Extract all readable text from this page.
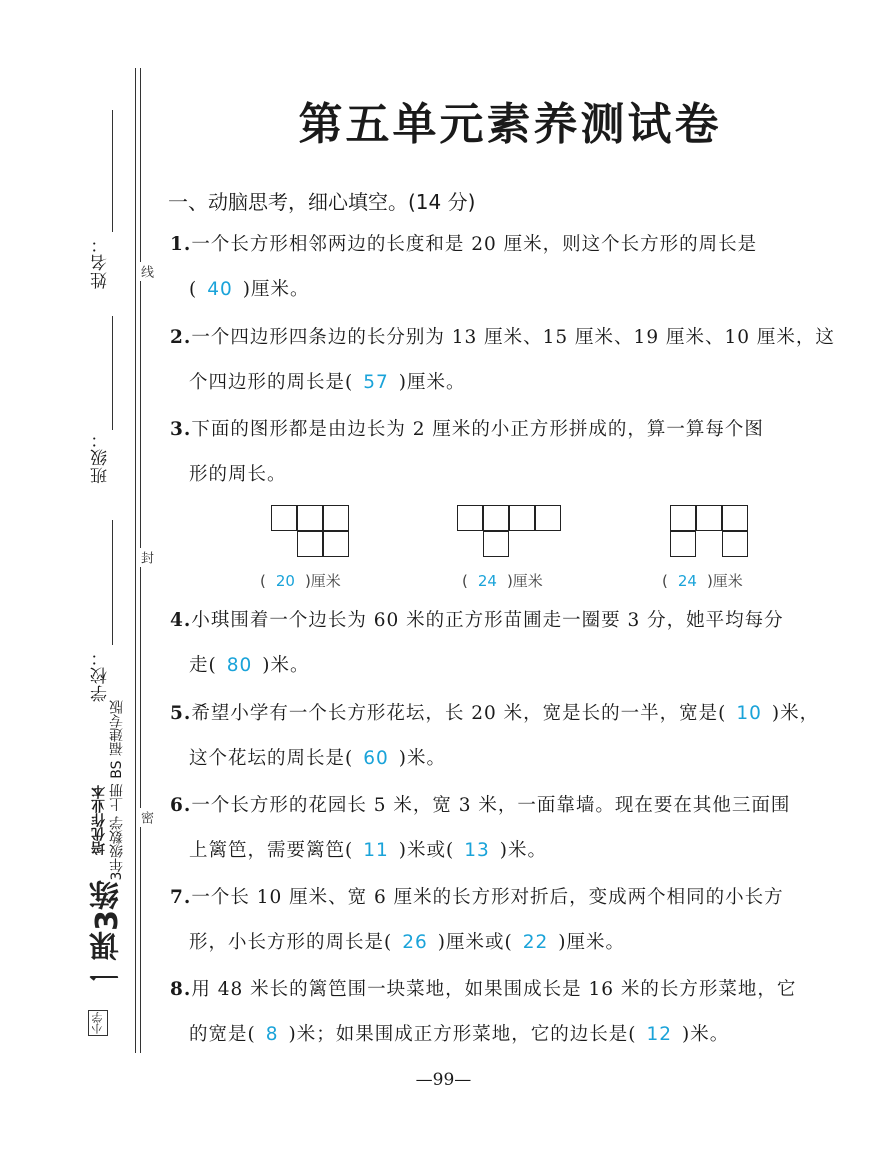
姓名：
班级：
学校：
线
封
密
3年级数学 上册 BS 福建专版
培优作业本
一课3练
小学
第五单元素养测试卷
一、动脑思考，细心填空。(14 分)
1.一个长方形相邻两边的长度和是 20 厘米，则这个长方形的周长是
( 40 )厘米。
2.一个四边形四条边的长分别为 13 厘米、15 厘米、19 厘米、10 厘米，这
个四边形的周长是( 57 )厘米。
3.下面的图形都是由边长为 2 厘米的小正方形拼成的，算一算每个图
形的周长。
( 20 )厘米	( 24 )厘米	( 24 )厘米
4.小琪围着一个边长为 60 米的正方形苗圃走一圈要 3 分，她平均每分
走( 80 )米。
5.希望小学有一个长方形花坛，长 20 米，宽是长的一半，宽是( 10 )米，
这个花坛的周长是( 60 )米。
6.一个长方形的花园长 5 米，宽 3 米，一面靠墙。现在要在其他三面围
上篱笆，需要篱笆( 11 )米或( 13 )米。
7.一个长 10 厘米、宽 6 厘米的长方形对折后，变成两个相同的小长方
形，小长方形的周长是( 26 )厘米或( 22 )厘米。
8.用 48 米长的篱笆围一块菜地，如果围成长是 16 米的长方形菜地，它
的宽是( 8 )米；如果围成正方形菜地，它的边长是( 12 )米。
—99—
